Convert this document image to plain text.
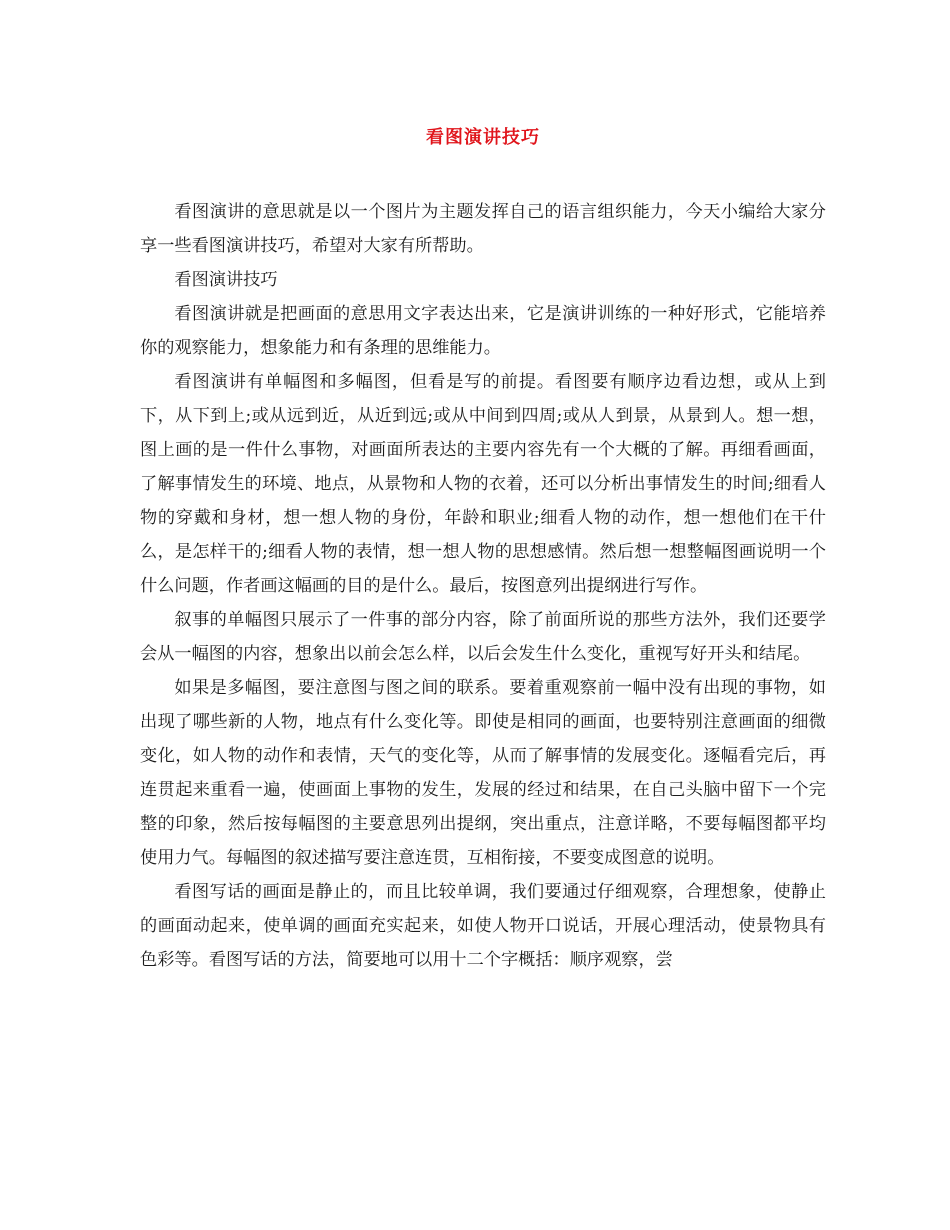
看图演讲技巧

看图演讲的意思就是以一个图片为主题发挥自己的语言组织能力，今天小编给大家分享一些看图演讲技巧，希望对大家有所帮助。

看图演讲技巧

看图演讲就是把画面的意思用文字表达出来，它是演讲训练的一种好形式，它能培养你的观察能力，想象能力和有条理的思维能力。

看图演讲有单幅图和多幅图，但看是写的前提。看图要有顺序边看边想，或从上到下，从下到上;或从远到近，从近到远;或从中间到四周;或从人到景，从景到人。想一想，图上画的是一件什么事物，对画面所表达的主要内容先有一个大概的了解。再细看画面，了解事情发生的环境、地点，从景物和人物的衣着，还可以分析出事情发生的时间;细看人物的穿戴和身材，想一想人物的身份，年龄和职业;细看人物的动作，想一想他们在干什么，是怎样干的;细看人物的表情，想一想人物的思想感情。然后想一想整幅图画说明一个什么问题，作者画这幅画的目的是什么。最后，按图意列出提纲进行写作。

叙事的单幅图只展示了一件事的部分内容，除了前面所说的那些方法外，我们还要学会从一幅图的内容，想象出以前会怎么样，以后会发生什么变化，重视写好开头和结尾。

如果是多幅图，要注意图与图之间的联系。要着重观察前一幅中没有出现的事物，如出现了哪些新的人物，地点有什么变化等。即使是相同的画面，也要特别注意画面的细微变化，如人物的动作和表情，天气的变化等，从而了解事情的发展变化。逐幅看完后，再连贯起来重看一遍，使画面上事物的发生，发展的经过和结果，在自己头脑中留下一个完整的印象，然后按每幅图的主要意思列出提纲，突出重点，注意详略，不要每幅图都平均使用力气。每幅图的叙述描写要注意连贯，互相衔接，不要变成图意的说明。

看图写话的画面是静止的，而且比较单调，我们要通过仔细观察，合理想象，使静止的画面动起来，使单调的画面充实起来，如使人物开口说话，开展心理活动，使景物具有色彩等。看图写话的方法，简要地可以用十二个字概括：顺序观察，尝
